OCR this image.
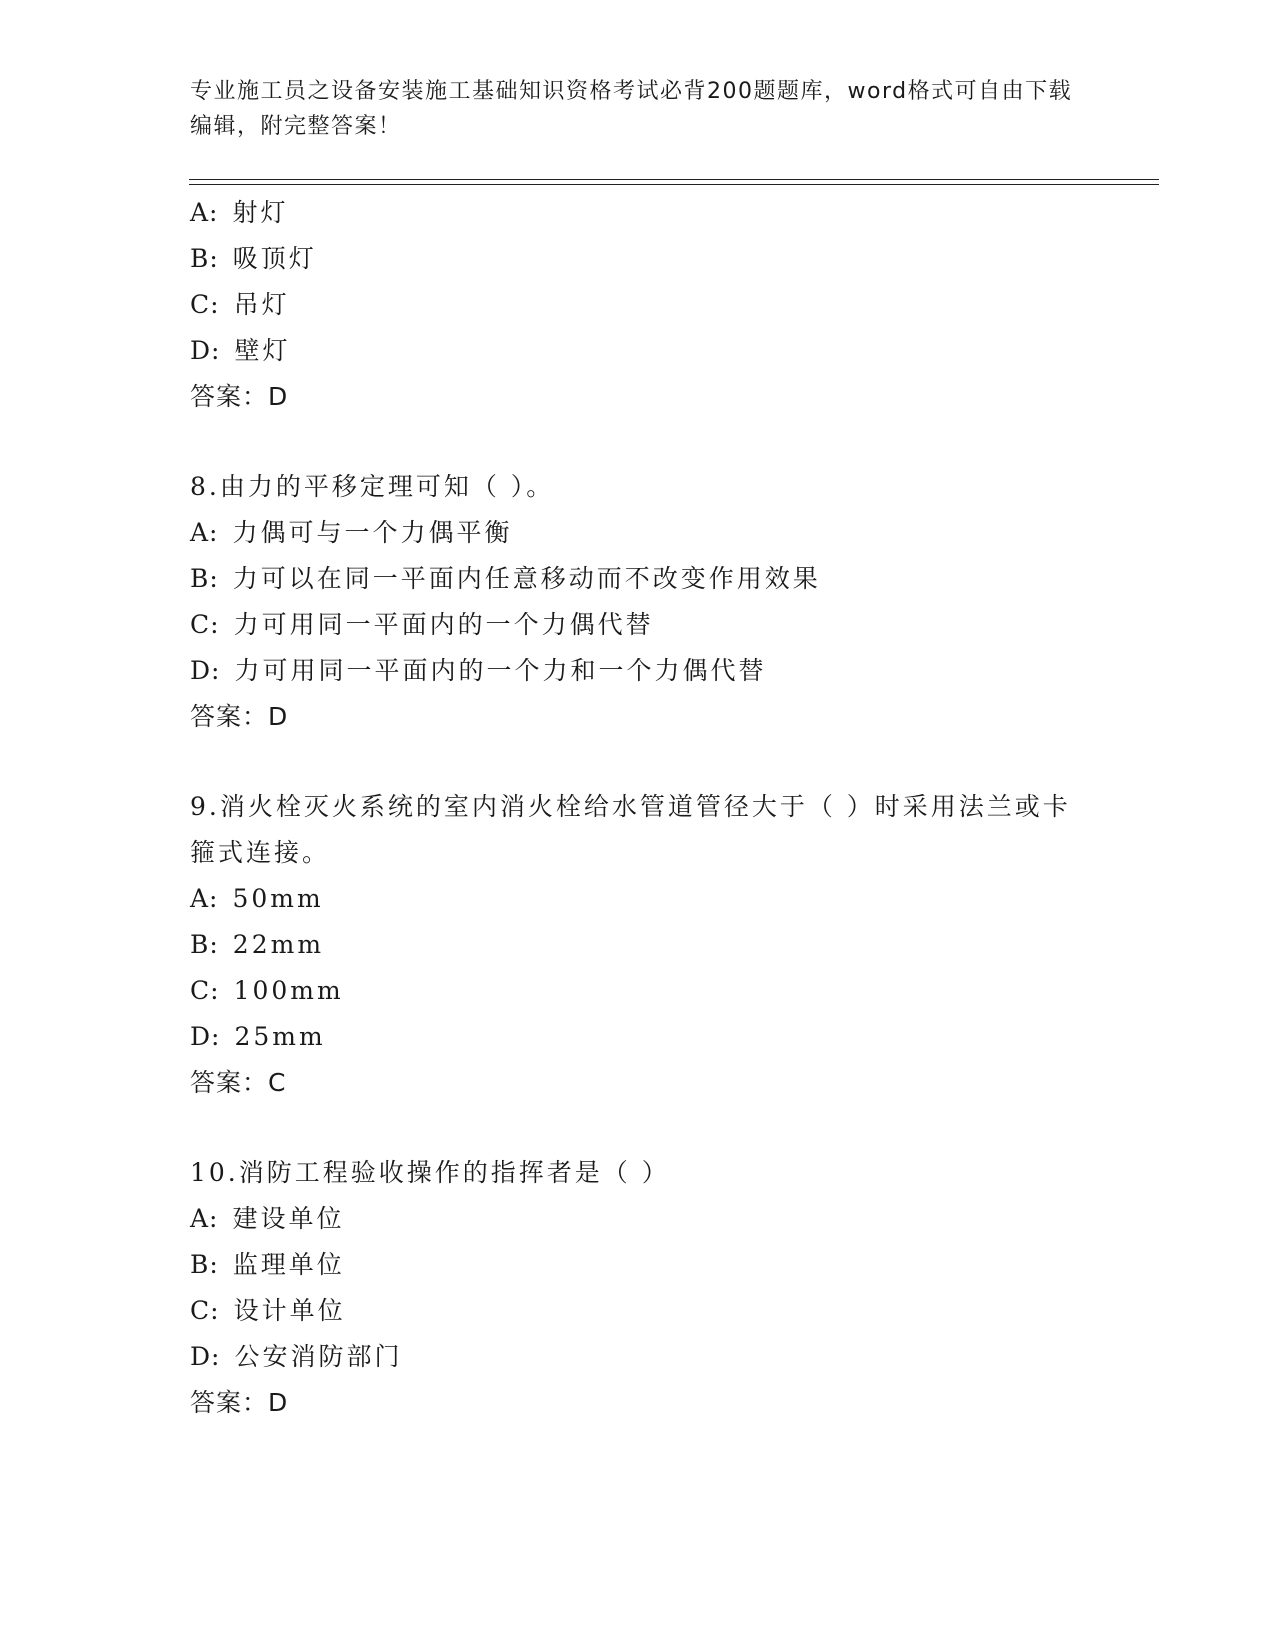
专业施工员之设备安装施工基础知识资格考试必背200题题库，word格式可自由下载编辑，附完整答案！

A: 射灯
B: 吸顶灯
C: 吊灯
D: 壁灯
答案：D
8.由力的平移定理可知（ ）。
A: 力偶可与一个力偶平衡
B: 力可以在同一平面内任意移动而不改变作用效果
C: 力可用同一平面内的一个力偶代替
D: 力可用同一平面内的一个力和一个力偶代替
答案：D
9.消火栓灭火系统的室内消火栓给水管道管径大于（ ）时采用法兰或卡箍式连接。
A: 50mm
B: 22mm
C: 100mm
D: 25mm
答案：C
10.消防工程验收操作的指挥者是（ ）
A: 建设单位
B: 监理单位
C: 设计单位
D: 公安消防部门
答案：D
